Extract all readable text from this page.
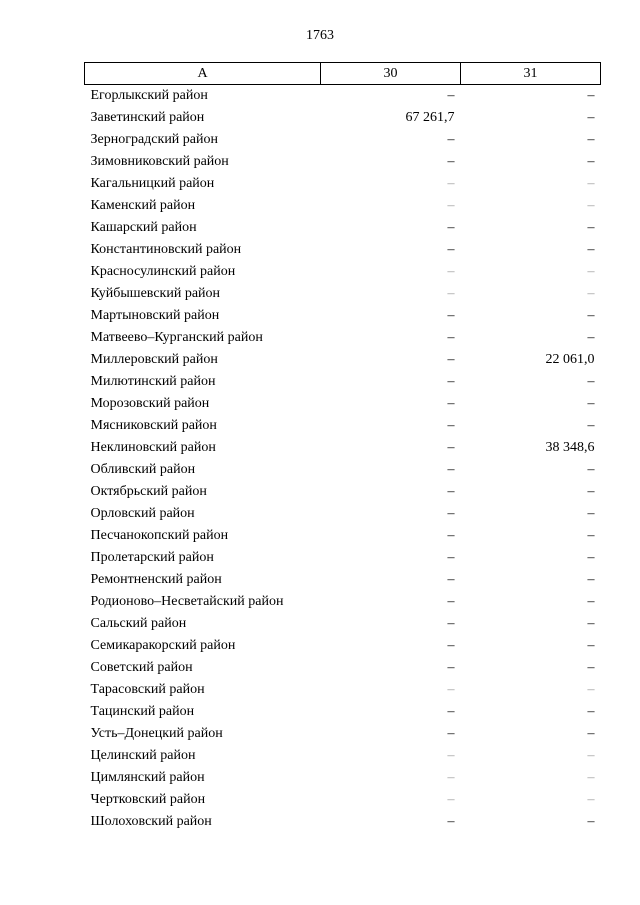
1763
А	30	31
Егорлыкский район	–	–
Заветинский район	67 261,7	–
Зерноградский район	–	–
Зимовниковский район	–	–
Кагальницкий район	–	–
Каменский район	–	–
Кашарский район	–	–
Константиновский район	–	–
Красносулинский район	–	–
Куйбышевский район	–	–
Мартыновский район	–	–
Матвеево–Курганский район	–	–
Миллеровский район	–	22 061,0
Милютинский район	–	–
Морозовский район	–	–
Мясниковский район	–	–
Неклиновский район	–	38 348,6
Обливский район	–	–
Октябрьский район	–	–
Орловский район	–	–
Песчанокопский район	–	–
Пролетарский район	–	–
Ремонтненский район	–	–
Родионово–Несветайский район	–	–
Сальский район	–	–
Семикаракорский район	–	–
Советский район	–	–
Тарасовский район	–	–
Тацинский район	–	–
Усть–Донецкий район	–	–
Целинский район	–	–
Цимлянский район	–	–
Чертковский район	–	–
Шолоховский район	–	–
